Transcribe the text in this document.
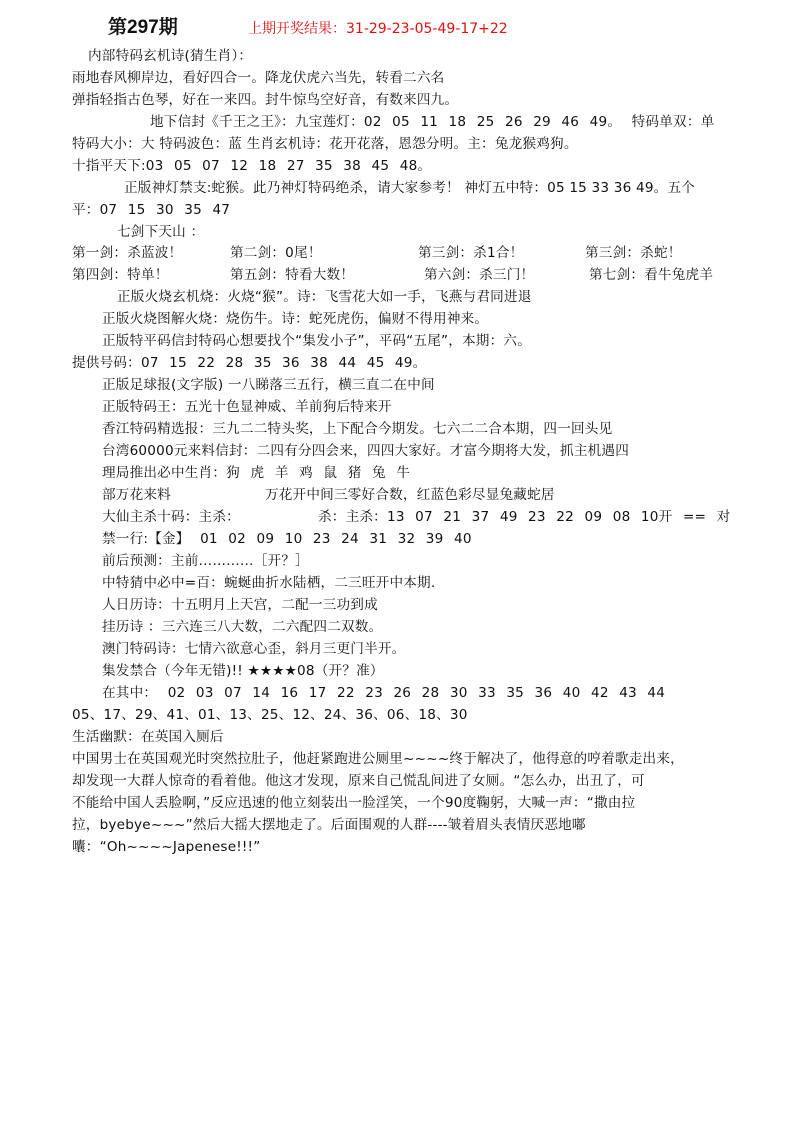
第297期	上期开奖结果：31-29-23-05-49-17+22
内部特码玄机诗(猜生肖）：
雨地春风柳岸边，看好四合一。降龙伏虎六当先，转看二六名
弹指轻指古色琴，好在一来四。封牛惊鸟空好音，有数来四九。
地下信封《千王之王》：九宝莲灯：02 05 11 18 25 26 29 46 49。 特码单双：单
特码大小：大 特码波色：蓝 生肖玄机诗：花开花落，恩怨分明。主：兔龙猴鸡狗。
十指平天下:03 05 07 12 18 27 35 38 45 48。
正版神灯禁支:蛇猴。此乃神灯特码绝杀，请大家参考！ 神灯五中特：05 15 33 36 49。五个
平：07 15 30 35 47
七剑下天山 ：
第一剑：杀蓝波！	第二剑：0尾！	第三剑：杀1合！	第三剑：杀蛇！
第四剑：特单！	第五剑：特看大数！	第六剑：杀三门！	第七剑：看牛兔虎羊
正版火烧玄机烧：火烧“猴”。诗：飞雪花大如一手，飞燕与君同进退
正版火烧图解火烧：烧伤牛。诗：蛇死虎伤，偏财不得用神来。
正版特平码信封特码心想要找个“集发小子”，平码“五尾”，本期：六。
提供号码：07 15 22 28 35 36 38 44 45 49。
正版足球报(文字版) 一八睇落三五行，横三直二在中间
正版特码王：五光十色显神威、羊前狗后特来开
香江特码精选报：三九二二特头奖，上下配合今期发。七六二二合本期，四一回头见
台湾60000元来料信封：二四有分四会来，四四大家好。才富今期将大发，抓主机遇四
理局推出必中生肖：狗 虎 羊 鸡 鼠 猪 兔 牛
部万花来料	万花开中间三零好合数，红蓝色彩尽显兔藏蛇居
大仙主杀十码：主杀：	杀：主杀：13 07 21 37 49 23 22 09 08 10开 == 对
禁一行:【金】 01 02 09 10 23 24 31 32 39 40
前后预测：主前…………［开？］
中特猜中必中=百：蜿蜒曲折水陆栖，二三旺开中本期.
人日历诗：十五明月上天宫，二配一三功到成
挂历诗 ：三六连三八大数，二六配四二双数。
澳门特码诗：七情六欲意心歪，斜月三更门半开。
集发禁合（今年无错)!! ★★★★08（开？准）
在其中： 02 03 07 14 16 17 22 23 26 28 30 33 35 36 40 42 43 44
05、17、29、41、01、13、25、12、24、36、06、18、30
生活幽默：在英国入厕后
中国男士在英国观光时突然拉肚子，他赶紧跑进公厕里~~~~终于解决了，他得意的哼着歌走出来，
却发现一大群人惊奇的看着他。他这才发现，原来自己慌乱间进了女厕。“怎么办，出丑了，可
不能给中国人丢脸啊，”反应迅速的他立刻装出一脸淫笑，一个90度鞠躬，大喊一声：“撒由拉
拉，byebye~~~”然后大摇大摆地走了。后面围观的人群----皱着眉头表情厌恶地嘟
囔：“Oh~~~~Japenese!!!”
